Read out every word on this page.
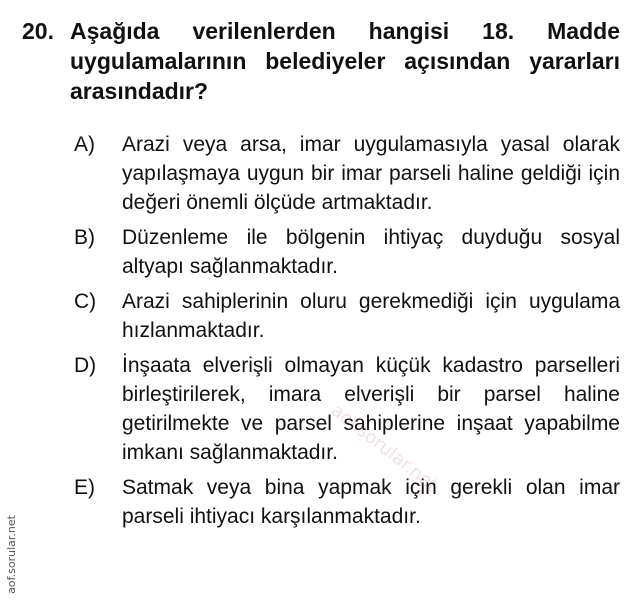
20. Aşağıda verilenlerden hangisi 18. Madde uygulamalarının belediyeler açısından yararları arasındadır?
A)	Arazi veya arsa, imar uygulamasıyla yasal olarak yapılaşmaya uygun bir imar parseli haline geldiği için değeri önemli ölçüde artmaktadır.
B)	Düzenleme ile bölgenin ihtiyaç duyduğu sosyal altyapı sağlanmaktadır.
C)	Arazi sahiplerinin oluru gerekmediği için uygulama hızlanmaktadır.
D)	İnşaata elverişli olmayan küçük kadastro parselleri birleştirilerek, imara elverişli bir parsel haline getirilmekte ve parsel sahiplerine inşaat yapabilme imkanı sağlanmaktadır.
E)	Satmak veya bina yapmak için gerekli olan imar parseli ihtiyacı karşılanmaktadır.
aof.sorular.net
aof.sorular.net
